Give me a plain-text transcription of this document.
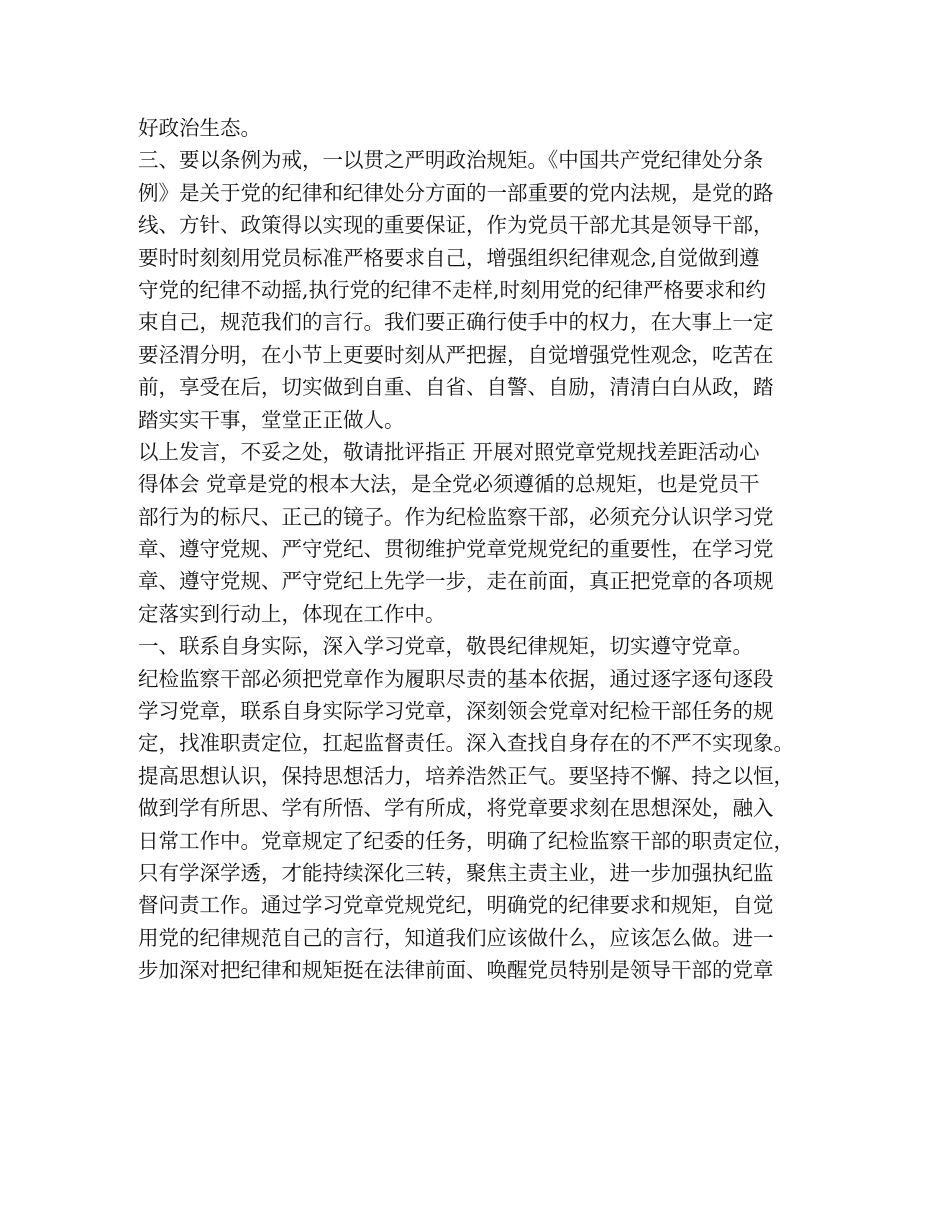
好政治生态。
三、要以条例为戒，一以贯之严明政治规矩。《中国共产党纪律处分条
例》是关于党的纪律和纪律处分方面的一部重要的党内法规，是党的路
线、方针、政策得以实现的重要保证，作为党员干部尤其是领导干部，
要时时刻刻用党员标准严格要求自己，增强组织纪律观念,自觉做到遵
守党的纪律不动摇,执行党的纪律不走样,时刻用党的纪律严格要求和约
束自己，规范我们的言行。我们要正确行使手中的权力，在大事上一定
要泾渭分明，在小节上更要时刻从严把握，自觉增强党性观念，吃苦在
前，享受在后，切实做到自重、自省、自警、自励，清清白白从政，踏
踏实实干事，堂堂正正做人。
以上发言，不妥之处，敬请批评指正 开展对照党章党规找差距活动心
得体会 党章是党的根本大法，是全党必须遵循的总规矩，也是党员干
部行为的标尺、正己的镜子。作为纪检监察干部，必须充分认识学习党
章、遵守党规、严守党纪、贯彻维护党章党规党纪的重要性，在学习党
章、遵守党规、严守党纪上先学一步，走在前面，真正把党章的各项规
定落实到行动上，体现在工作中。
一、联系自身实际，深入学习党章，敬畏纪律规矩，切实遵守党章。
纪检监察干部必须把党章作为履职尽责的基本依据，通过逐字逐句逐段
学习党章，联系自身实际学习党章，深刻领会党章对纪检干部任务的规
定，找准职责定位，扛起监督责任。深入查找自身存在的不严不实现象。
提高思想认识，保持思想活力，培养浩然正气。要坚持不懈、持之以恒，
做到学有所思、学有所悟、学有所成，将党章要求刻在思想深处，融入
日常工作中。党章规定了纪委的任务，明确了纪检监察干部的职责定位，
只有学深学透，才能持续深化三转，聚焦主责主业，进一步加强执纪监
督问责工作。通过学习党章党规党纪，明确党的纪律要求和规矩，自觉
用党的纪律规范自己的言行，知道我们应该做什么，应该怎么做。进一
步加深对把纪律和规矩挺在法律前面、唤醒党员特别是领导干部的党章
